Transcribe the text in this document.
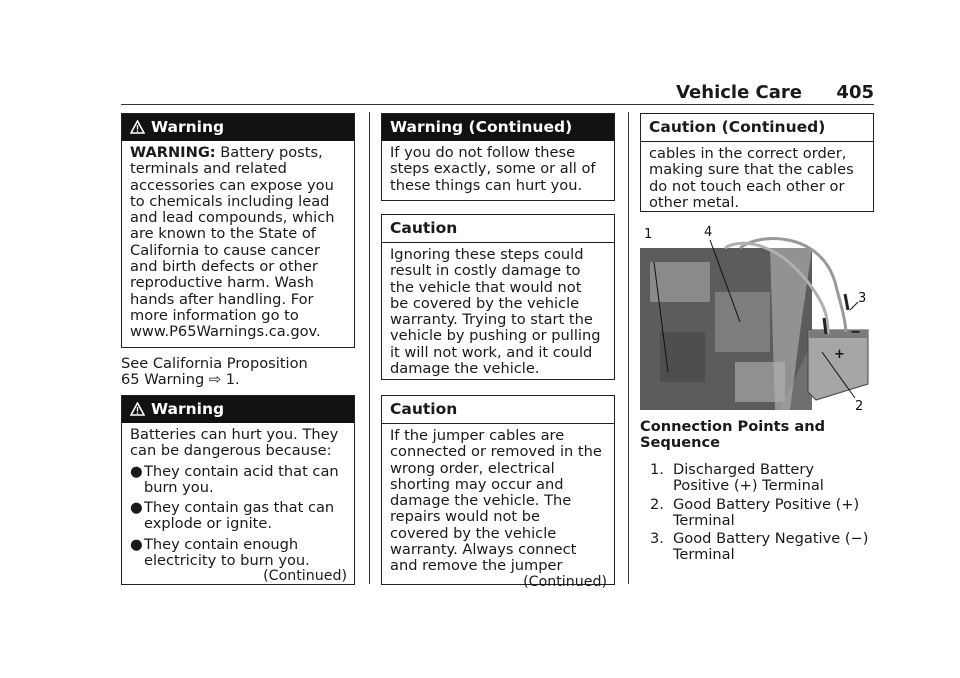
Vehicle Care 405
Warning
WARNING: Battery posts,
terminals and related
accessories can expose you
to chemicals including lead
and lead compounds, which
are known to the State of
California to cause cancer
and birth defects or other
reproductive harm. Wash
hands after handling. For
more information go to
www.P65Warnings.ca.gov.
See California Proposition
65 Warning ⇨ 1.
Warning
Batteries can hurt you. They
can be dangerous because:
● They contain acid that can
burn you.
● They contain gas that can
explode or ignite.
● They contain enough
electricity to burn you.
(Continued)
Warning (Continued)
If you do not follow these
steps exactly, some or all of
these things can hurt you.
Caution
Ignoring these steps could
result in costly damage to
the vehicle that would not
be covered by the vehicle
warranty. Trying to start the
vehicle by pushing or pulling
it will not work, and it could
damage the vehicle.
Caution
If the jumper cables are
connected or removed in the
wrong order, electrical
shorting may occur and
damage the vehicle. The
repairs would not be
covered by the vehicle
warranty. Always connect
and remove the jumper
(Continued)
Caution (Continued)
cables in the correct order,
making sure that the cables
do not touch each other or
other metal.
−
+
1	4
3
2
Connection Points and
Sequence
1. Discharged Battery
Positive (+) Terminal
2. Good Battery Positive (+)
Terminal
3. Good Battery Negative (−)
Terminal
